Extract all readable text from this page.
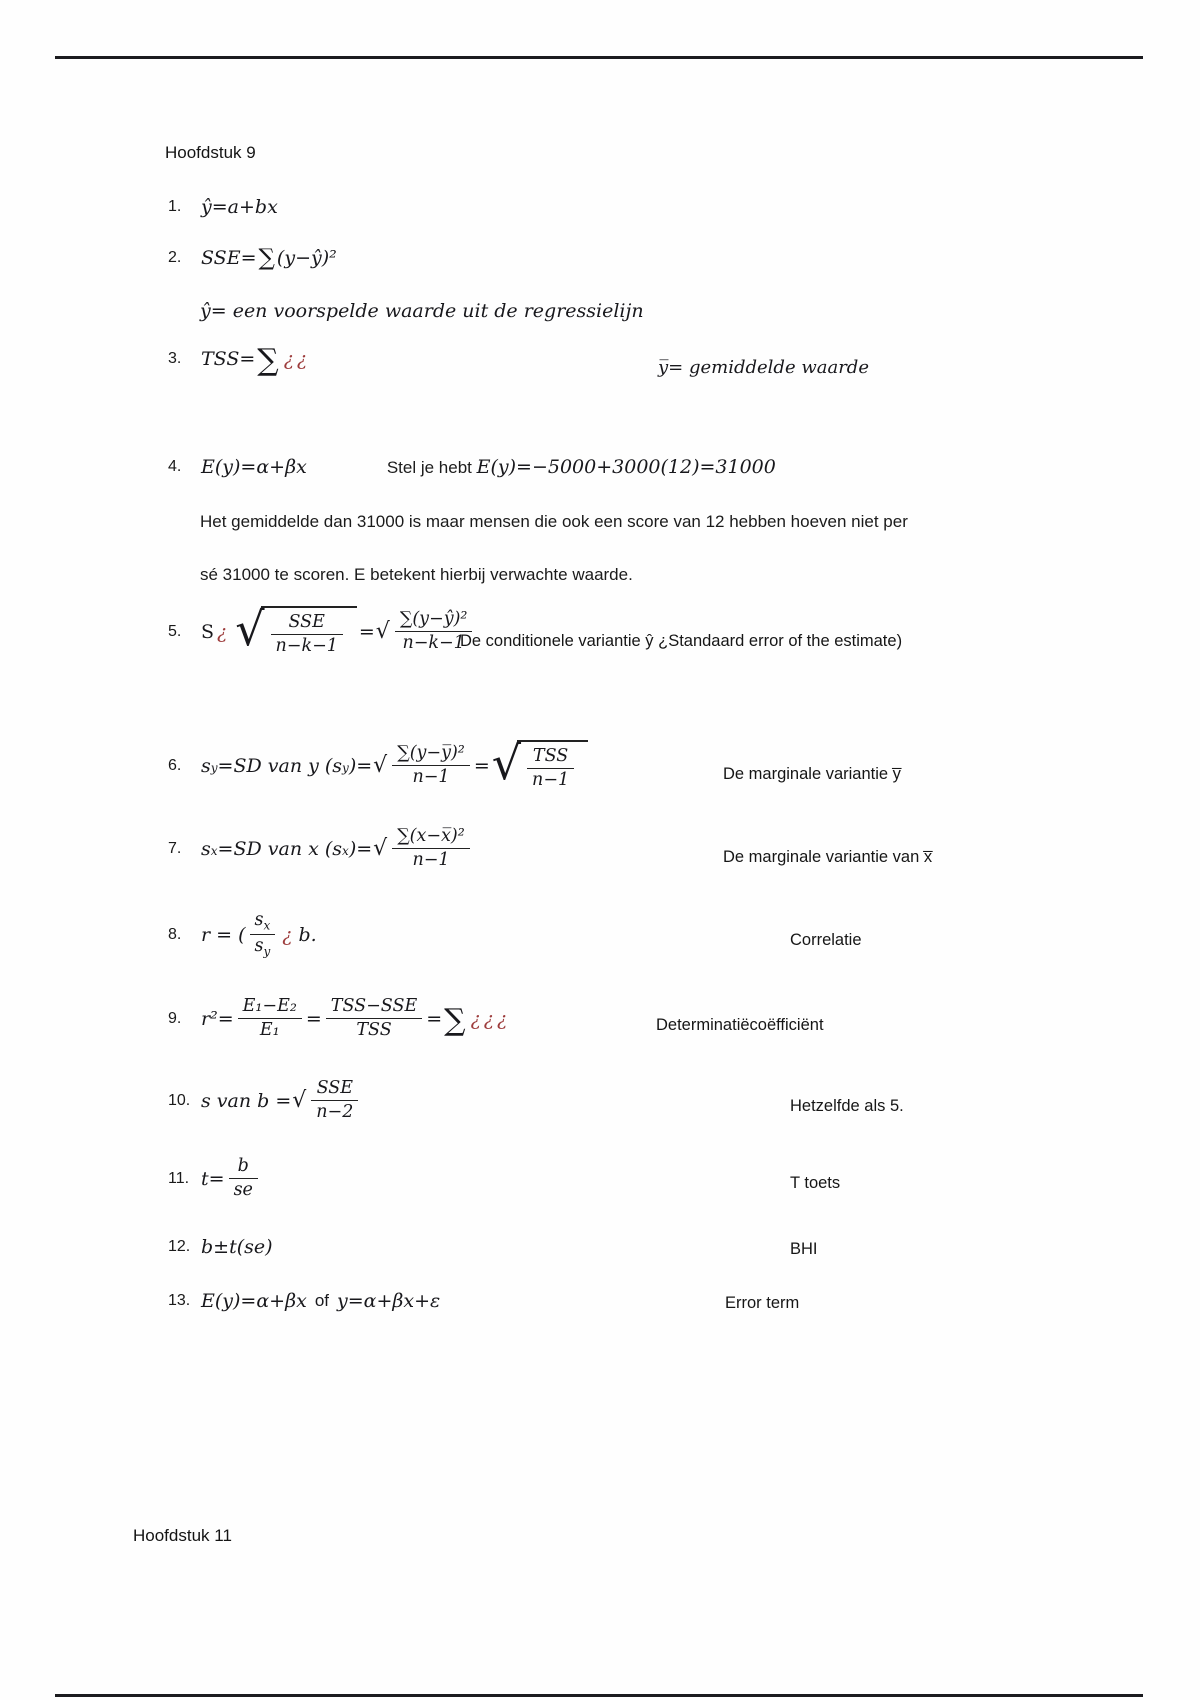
Hoofdstuk 9
1.	ŷ=a+bx
2.	SSE= ∑ (y−ŷ)²
ŷ= een voorspelde waarde uit de regressielijn
3.	TSS= ∑ ¿¿	y̅= gemiddelde waarde
4.	E(y)=α+βx	Stel je hebt E(y)=−5000+3000(12)=31000
Het gemiddelde dan 31000 is maar mensen die ook een score van 12 hebben hoeven niet per
sé 31000 te scoren. E betekent hierbij verwachte waarde.
5.	S ¿ √ $\frac{\text{SSE}}{n-k-1}$ = √ $\frac{\text{∑(y−ŷ)²}}{n-k-1}$
De conditionele variantie ŷ ¿Standaard error of the estimate)
6.	s y =SD van y ( s y )= √ $\frac{\text{∑(y−y̅)²}}{n-1}$ = √ $\frac{\text{TSS}}{n-1}$	De marginale variantie y̅
7.	s x =SD van x ( s x )= √ $\frac{\text{∑(x−x̅)²}}{n-1}$	De marginale variantie van x̅
8.	r = ( $\frac{s_x}{s_y}$ ¿ b.	Correlatie
9.	$r^2= \frac{\text{E₁−E₂}}{\text{E₁}} = \frac{\text{TSS−SSE}}{\text{TSS}}$ = ∑ ¿¿¿	Determinatiëcoëfficiënt
10. s van b = √ $\frac{\text{SSE}}{n-2}$	Hetzelfde als 5.
11. $t= \frac{b}{se}$	T toets
12. b±t(se)	BHI
13. E(y)=α+βx of y=α+βx+ε	Error term
Hoofdstuk 11
